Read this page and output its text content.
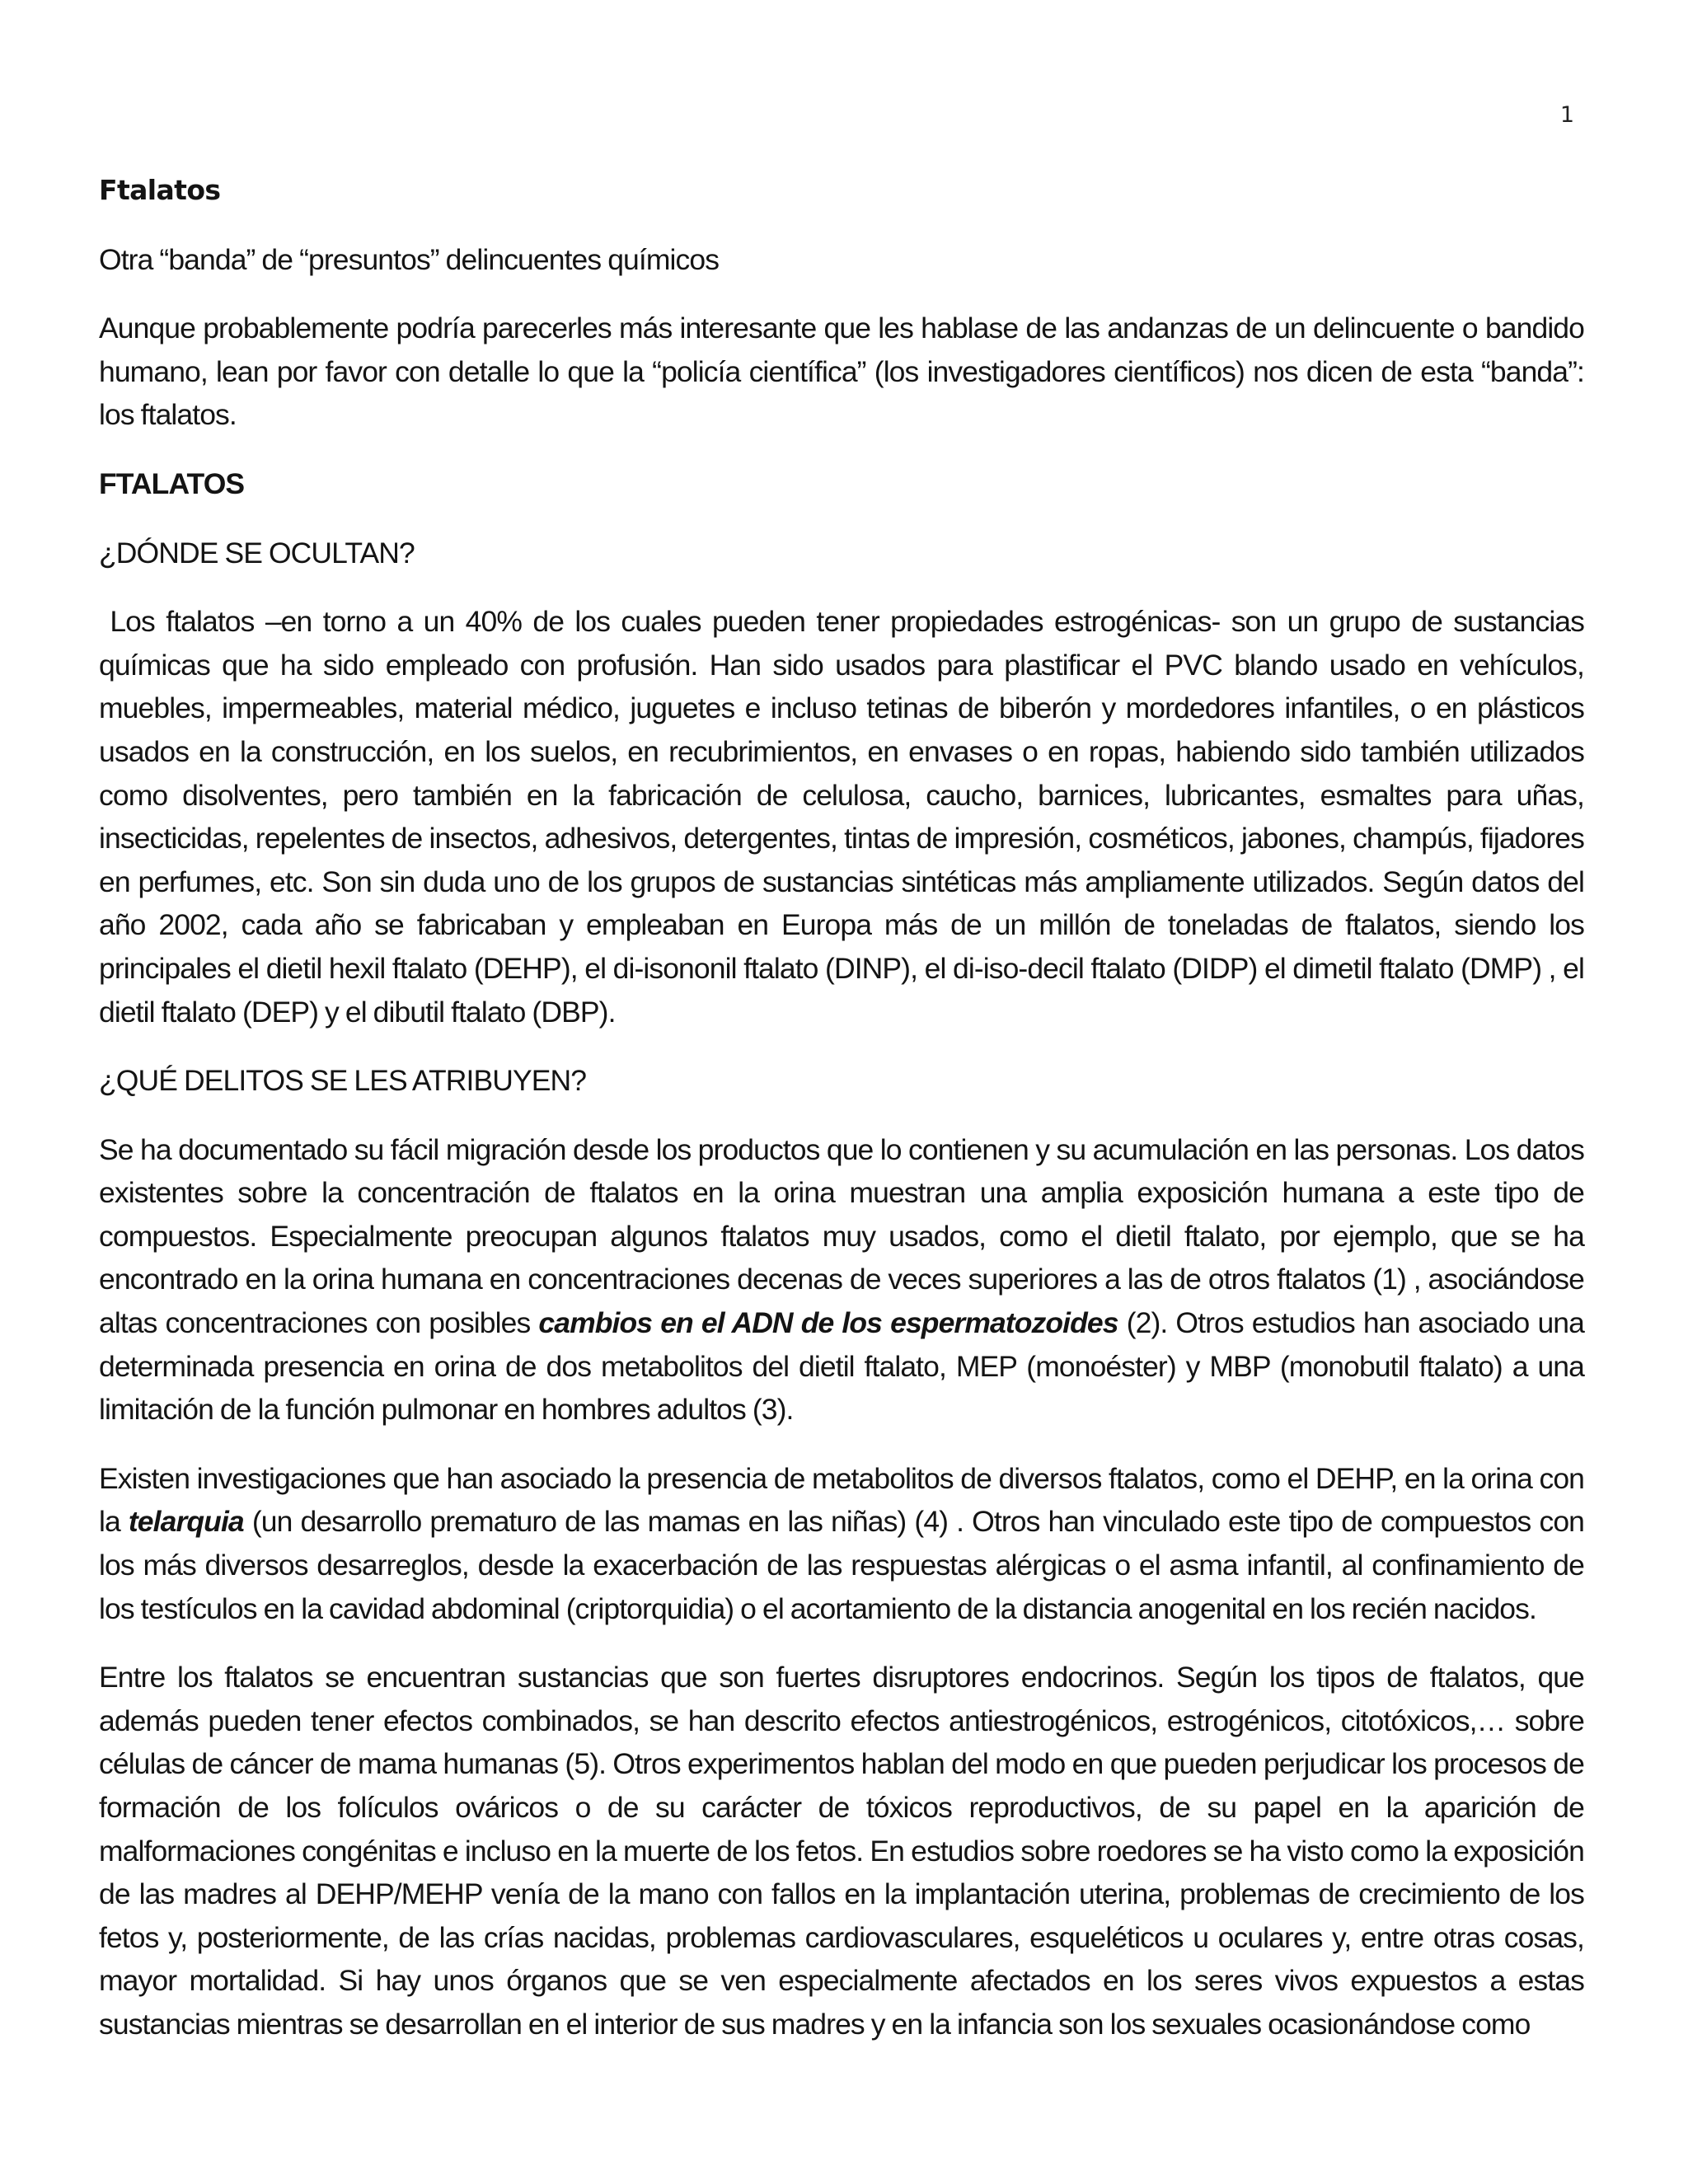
1

Ftalatos

Otra “banda” de “presuntos” delincuentes químicos

Aunque probablemente podría parecerles más interesante que les hablase de las andanzas de un delincuente o bandido humano, lean por favor con detalle lo que la “policía científica” (los investigadores científicos) nos dicen de esta “banda”: los ftalatos.

FTALATOS

¿DÓNDE SE OCULTAN?

Los ftalatos –en torno a un 40% de los cuales pueden tener propiedades estrogénicas- son un grupo de sustancias químicas que ha sido empleado con profusión. Han sido usados para plastificar el PVC blando usado en vehículos, muebles, impermeables, material médico, juguetes e incluso tetinas de biberón y mordedores infantiles, o en plásticos usados en la construcción, en los suelos, en recubrimientos, en envases o en ropas, habiendo sido también utilizados como disolventes, pero también en la fabricación de celulosa, caucho, barnices, lubricantes, esmaltes para uñas, insecticidas, repelentes de insectos, adhesivos, detergentes, tintas de impresión, cosméticos, jabones, champús, fijadores en perfumes, etc. Son sin duda uno de los grupos de sustancias sintéticas más ampliamente utilizados. Según datos del año 2002, cada año se fabricaban y empleaban en Europa más de un millón de toneladas de ftalatos, siendo los principales el dietil hexil ftalato (DEHP), el di-isononil ftalato (DINP), el di-iso-decil ftalato (DIDP) el dimetil ftalato (DMP) , el dietil ftalato (DEP) y el dibutil ftalato (DBP).

¿QUÉ DELITOS SE LES ATRIBUYEN?

Se ha documentado su fácil migración desde los productos que lo contienen y su acumulación en las personas. Los datos existentes sobre la concentración de ftalatos en la orina muestran una amplia exposición humana a este tipo de compuestos. Especialmente preocupan algunos ftalatos muy usados, como el dietil ftalato, por ejemplo, que se ha encontrado en la orina humana en concentraciones decenas de veces superiores a las de otros ftalatos (1) , asociándose altas concentraciones con posibles cambios en el ADN de los espermatozoides (2). Otros estudios han asociado una determinada presencia en orina de dos metabolitos del dietil ftalato, MEP (monoéster) y MBP (monobutil ftalato) a una limitación de la función pulmonar en hombres adultos (3).

Existen investigaciones que han asociado la presencia de metabolitos de diversos ftalatos, como el DEHP, en la orina con la telarquia (un desarrollo prematuro de las mamas en las niñas) (4) . Otros han vinculado este tipo de compuestos con los más diversos desarreglos, desde la exacerbación de las respuestas alérgicas o el asma infantil, al confinamiento de los testículos en la cavidad abdominal (criptorquidia) o el acortamiento de la distancia anogenital en los recién nacidos.

Entre los ftalatos se encuentran sustancias que son fuertes disruptores endocrinos. Según los tipos de ftalatos, que además pueden tener efectos combinados, se han descrito efectos antiestrogénicos, estrogénicos, citotóxicos,… sobre células de cáncer de mama humanas (5). Otros experimentos hablan del modo en que pueden perjudicar los procesos de formación de los folículos ováricos o de su carácter de tóxicos reproductivos, de su papel en la aparición de malformaciones congénitas e incluso en la muerte de los fetos. En estudios sobre roedores se ha visto como la exposición de las madres al DEHP/MEHP venía de la mano con fallos en la implantación uterina, problemas de crecimiento de los fetos y, posteriormente, de las crías nacidas, problemas cardiovasculares, esqueléticos u oculares y, entre otras cosas, mayor mortalidad. Si hay unos órganos que se ven especialmente afectados en los seres vivos expuestos a estas sustancias mientras se desarrollan en el interior de sus madres y en la infancia son los sexuales ocasionándose como
